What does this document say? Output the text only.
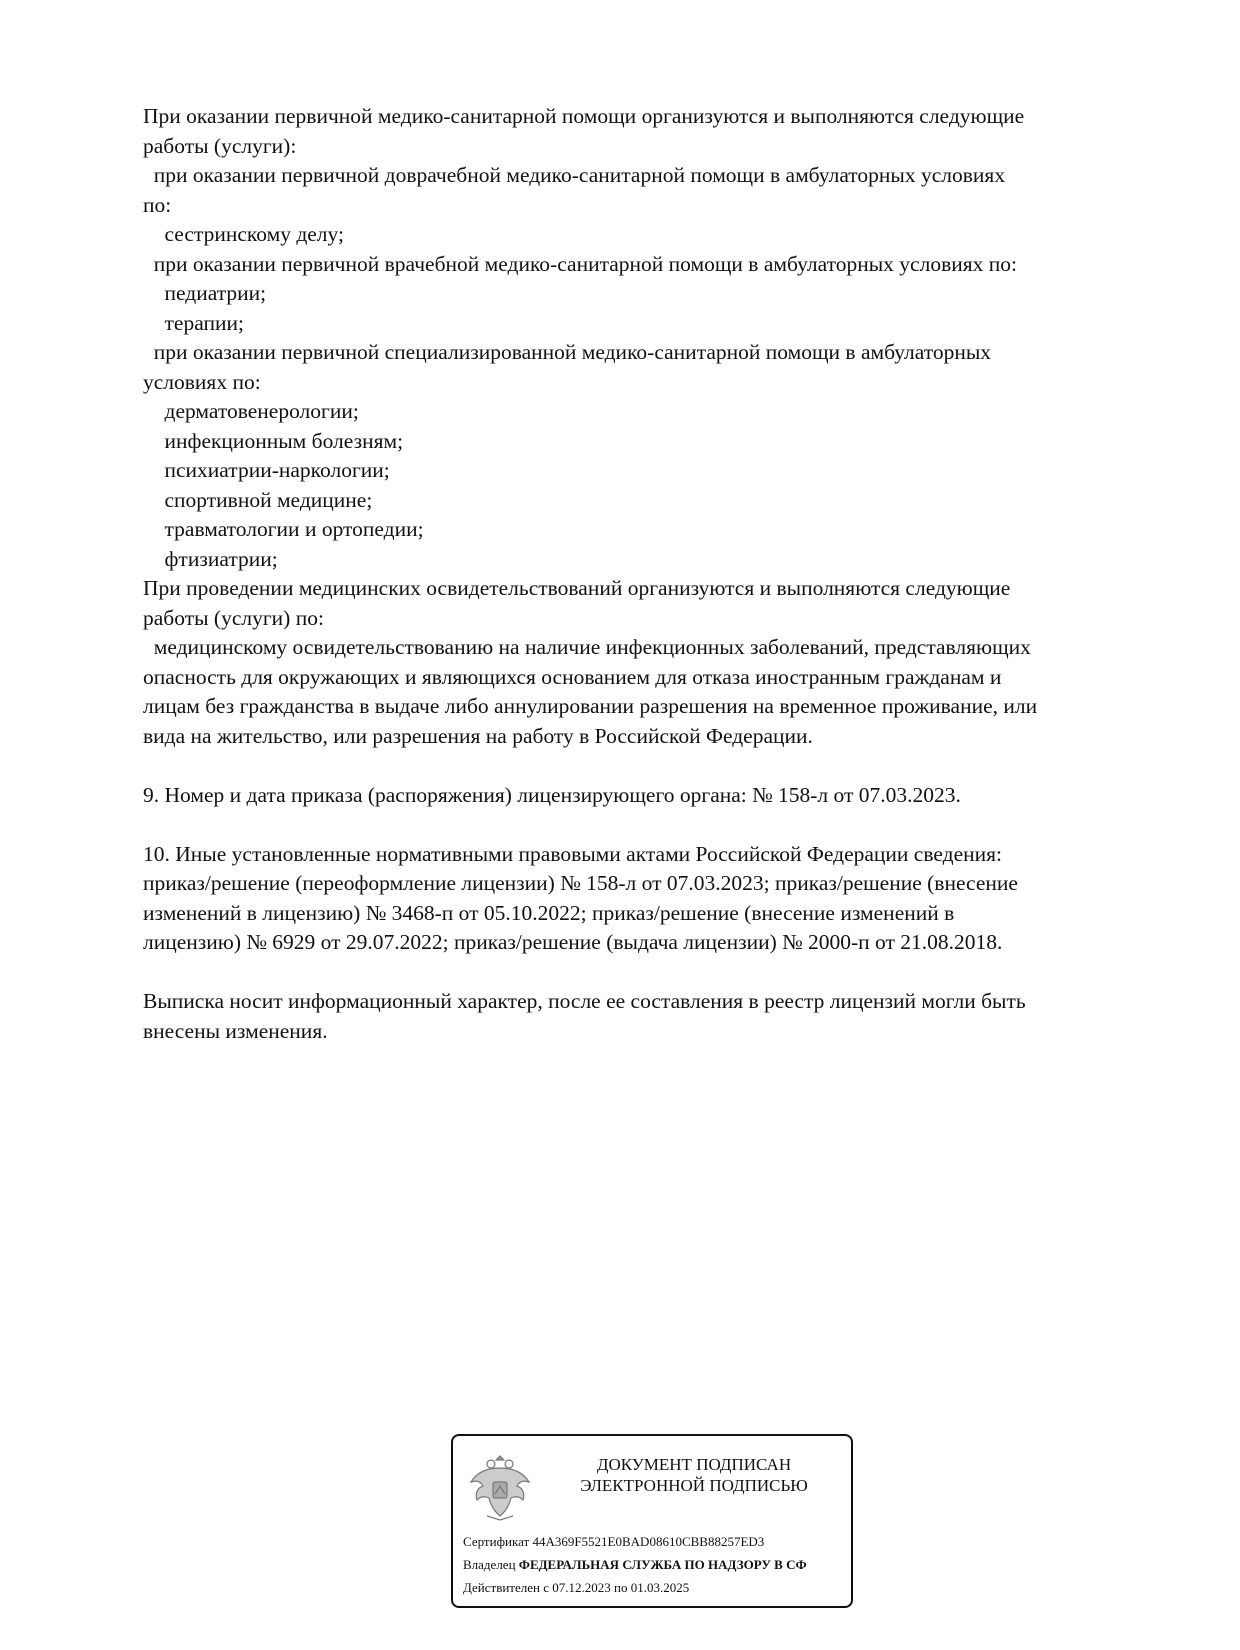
При оказании первичной медико-санитарной помощи организуются и выполняются следующие
работы (услуги):
при оказании первичной доврачебной медико-санитарной помощи в амбулаторных условиях
по:
сестринскому делу;
при оказании первичной врачебной медико-санитарной помощи в амбулаторных условиях по:
педиатрии;
терапии;
при оказании первичной специализированной медико-санитарной помощи в амбулаторных
условиях по:
дерматовенерологии;
инфекционным болезням;
психиатрии-наркологии;
спортивной медицине;
травматологии и ортопедии;
фтизиатрии;
При проведении медицинских освидетельствований организуются и выполняются следующие
работы (услуги) по:
медицинскому освидетельствованию на наличие инфекционных заболеваний, представляющих
опасность для окружающих и являющихся основанием для отказа иностранным гражданам и
лицам без гражданства в выдаче либо аннулировании разрешения на временное проживание, или
вида на жительство, или разрешения на работу в Российской Федерации.
9. Номер и дата приказа (распоряжения) лицензирующего органа: № 158-л от 07.03.2023.
10. Иные установленные нормативными правовыми актами Российской Федерации сведения:
приказ/решение (переоформление лицензии) № 158-л от 07.03.2023; приказ/решение (внесение
изменений в лицензию) № 3468-п от 05.10.2022; приказ/решение (внесение изменений в
лицензию) № 6929 от 29.07.2022; приказ/решение (выдача лицензии) № 2000-п от 21.08.2018.
Выписка носит информационный характер, после ее составления в реестр лицензий могли быть
внесены изменения.
ДОКУМЕНТ ПОДПИСАН
ЭЛЕКТРОННОЙ ПОДПИСЬЮ
Сертификат 44A369F5521E0BAD08610CBB88257ED3
Владелец ФЕДЕРАЛЬНАЯ СЛУЖБА ПО НАДЗОРУ В СФ
Действителен с 07.12.2023 по 01.03.2025
